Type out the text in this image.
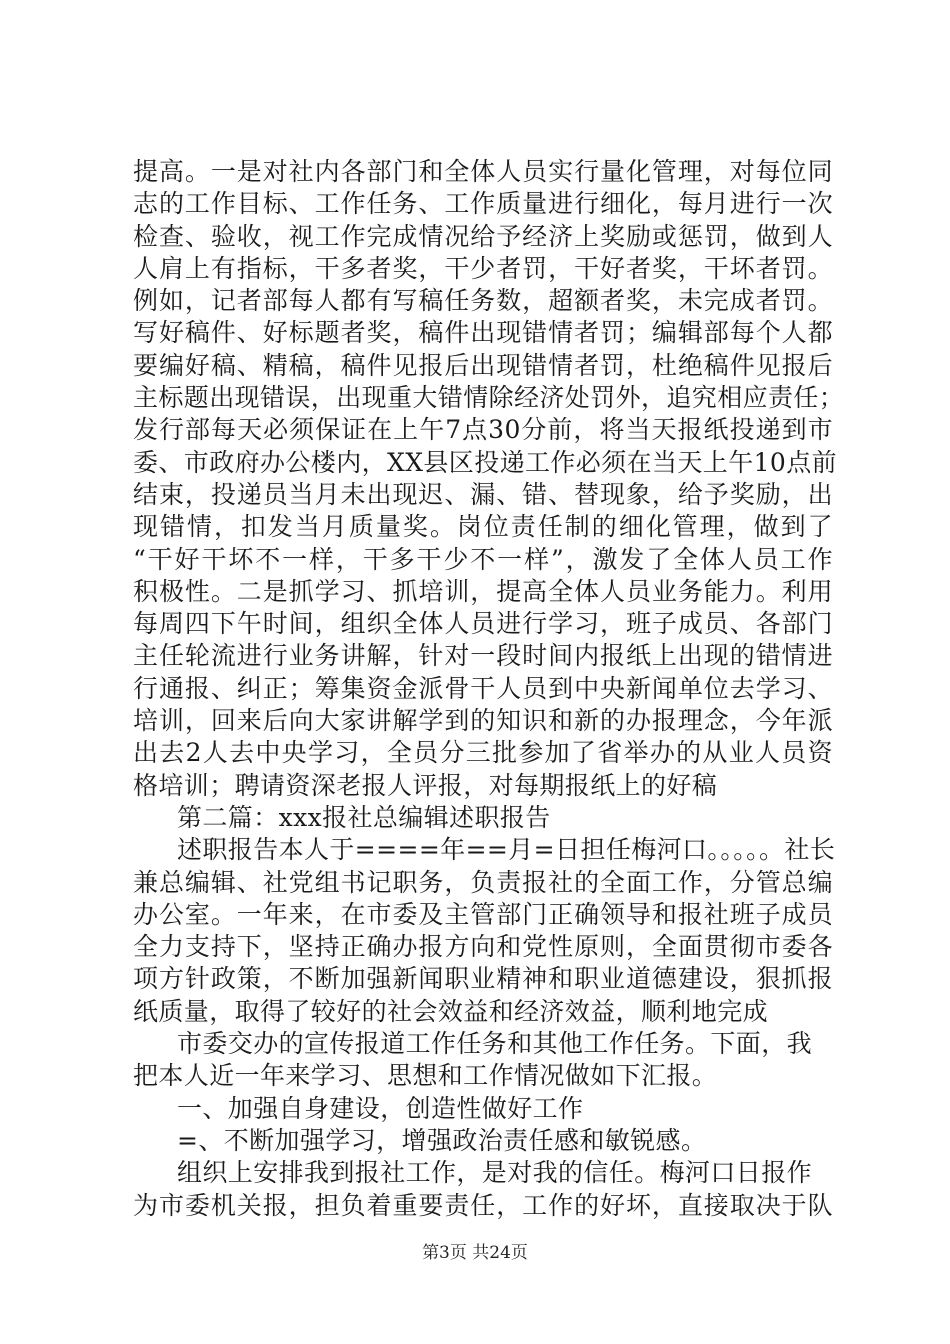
提高。一是对社内各部门和全体人员实行量化管理，对每位同
志的工作目标、工作任务、工作质量进行细化，每月进行一次
检查、验收，视工作完成情况给予经济上奖励或惩罚，做到人
人肩上有指标，干多者奖，干少者罚，干好者奖，干坏者罚。
例如，记者部每人都有写稿任务数，超额者奖，未完成者罚。
写好稿件、好标题者奖，稿件出现错情者罚；编辑部每个人都
要编好稿、精稿，稿件见报后出现错情者罚，杜绝稿件见报后
主标题出现错误，出现重大错情除经济处罚外，追究相应责任；
发行部每天必须保证在上午7点30分前，将当天报纸投递到市
委、市政府办公楼内，XX县区投递工作必须在当天上午10点前
结束，投递员当月未出现迟、漏、错、替现象，给予奖励，出
现错情，扣发当月质量奖。岗位责任制的细化管理，做到了
“干好干坏不一样，干多干少不一样”，激发了全体人员工作
积极性。二是抓学习、抓培训，提高全体人员业务能力。利用
每周四下午时间，组织全体人员进行学习，班子成员、各部门
主任轮流进行业务讲解，针对一段时间内报纸上出现的错情进
行通报、纠正；筹集资金派骨干人员到中央新闻单位去学习、
培训，回来后向大家讲解学到的知识和新的办报理念，今年派
出去2人去中央学习，全员分三批参加了省举办的从业人员资
格培训；聘请资深老报人评报，对每期报纸上的好稿
第二篇：xxx报社总编辑述职报告
述职报告本人于====年==月=日担任梅河口。。。。。社长
兼总编辑、社党组书记职务，负责报社的全面工作，分管总编
办公室。一年来，在市委及主管部门正确领导和报社班子成员
全力支持下，坚持正确办报方向和党性原则，全面贯彻市委各
项方针政策，不断加强新闻职业精神和职业道德建设，狠抓报
纸质量，取得了较好的社会效益和经济效益，顺利地完成
市委交办的宣传报道工作任务和其他工作任务。下面，我
把本人近一年来学习、思想和工作情况做如下汇报。
一、加强自身建设，创造性做好工作
=、不断加强学习，增强政治责任感和敏锐感。
组织上安排我到报社工作，是对我的信任。梅河口日报作
为市委机关报，担负着重要责任，工作的好坏，直接取决于队
第3页 共24页
